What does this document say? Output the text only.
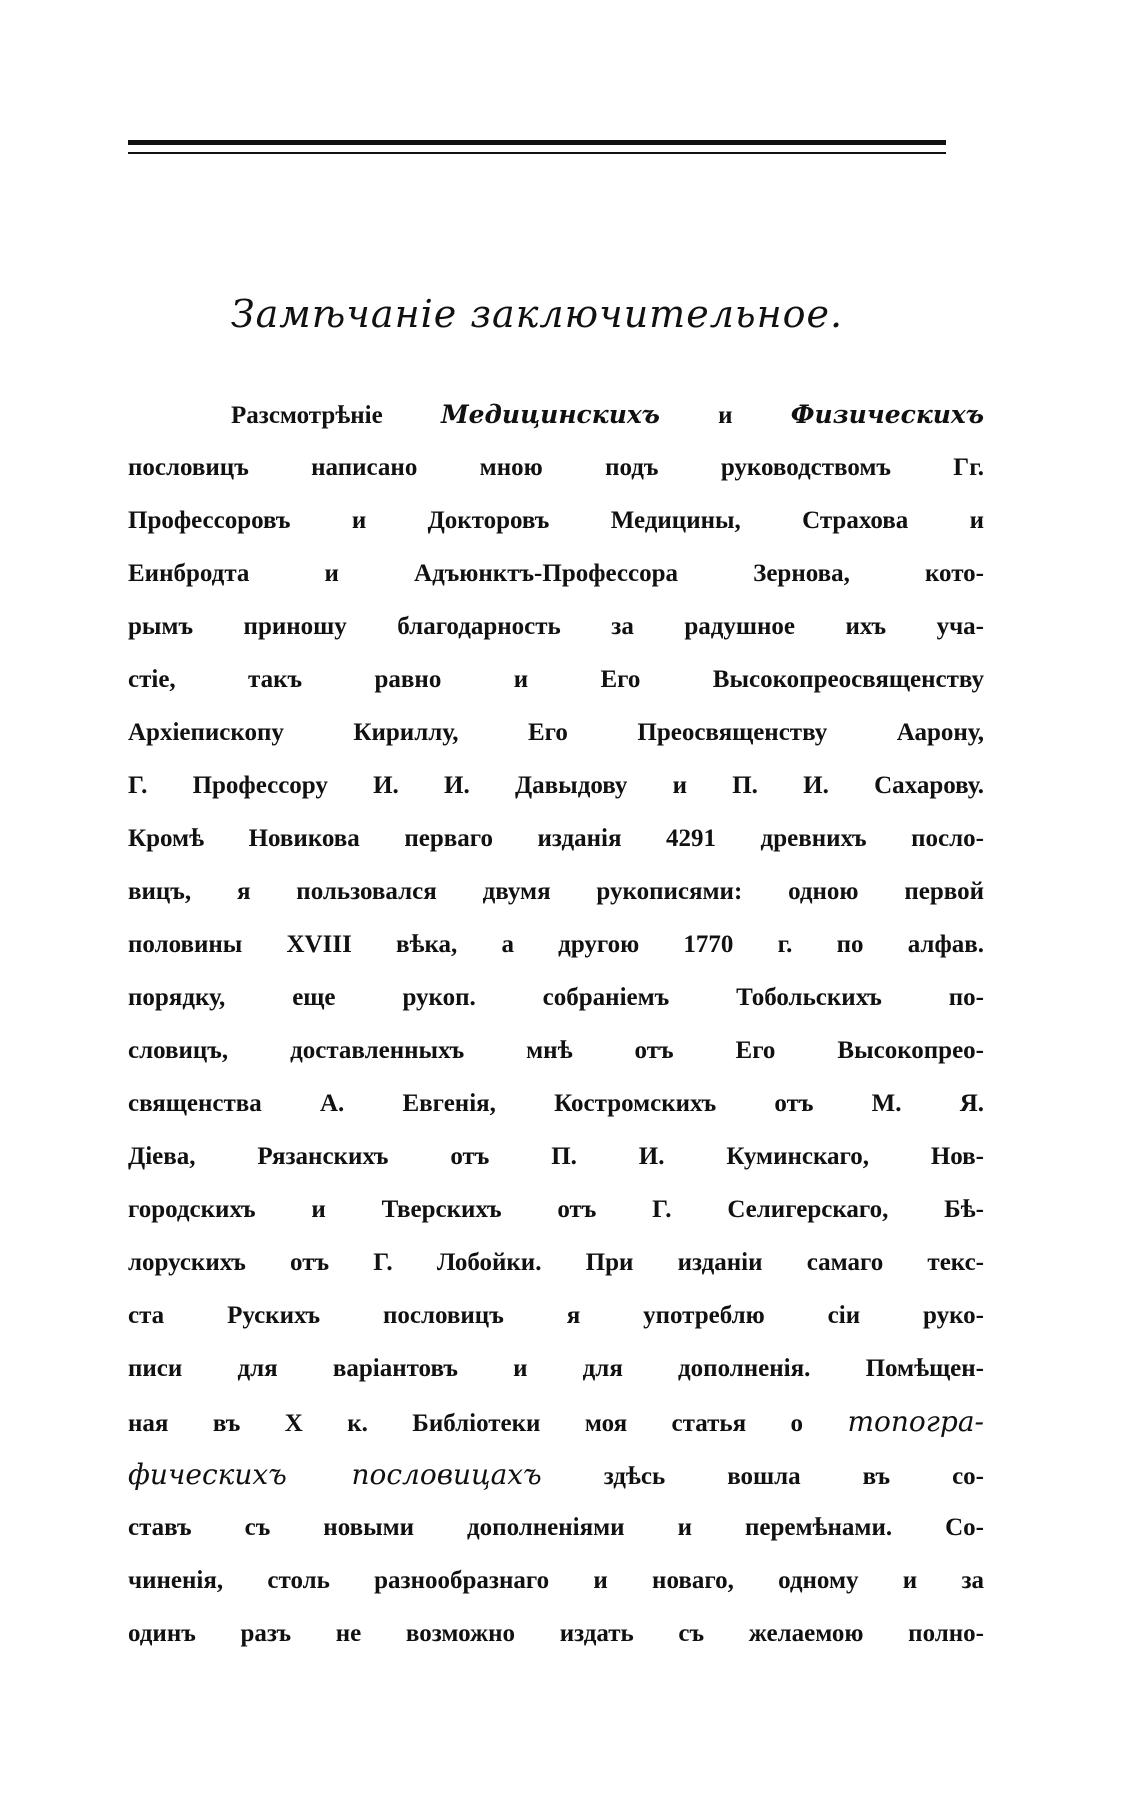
Замѣчаніе заключительное.
Разсмотрѣніе Медицинскихъ и Физическихъ
пословицъ написано мною подъ руководствомъ Гг.
Профессоровъ и Докторовъ Медицины, Страхова и
Еинбродта и Адъюнктъ-Профессора Зернова, кото-
рымъ приношу благодарность за радушное ихъ уча-
стіе, такъ равно и Его Высокопреосвященству
Архіепископу Кириллу, Его Преосвященству Аарону,
Г. Профессору И. И. Давыдову и П. И. Сахарову.
Кромѣ Новикова перваго изданія 4291 древнихъ посло-
вицъ, я пользовался двумя рукописями: одною первой
половины XVIII вѣка, а другою 1770 г. по алфав.
порядку, еще рукоп. собраніемъ Тобольскихъ по-
словицъ, доставленныхъ мнѣ отъ Его Высокопрео-
священства А. Евгенія, Костромскихъ отъ М. Я.
Діева, Рязанскихъ отъ П. И. Куминскаго, Нов-
городскихъ и Тверскихъ отъ Г. Селигерскаго, Бѣ-
лорускихъ отъ Г. Лобойки. При изданіи самаго текс-
ста Рускихъ пословицъ я употреблю сіи руко-
писи для варіантовъ и для дополненія. Помѣщен-
ная въ Х к. Библіотеки моя статья о топогра-
фическихъ пословицахъ здѣсь вошла въ со-
ставъ съ новыми дополненіями и перемѣнами. Со-
чиненія, столь разнообразнаго и новаго, одному и за
одинъ разъ не возможно издать съ желаемою полно-
